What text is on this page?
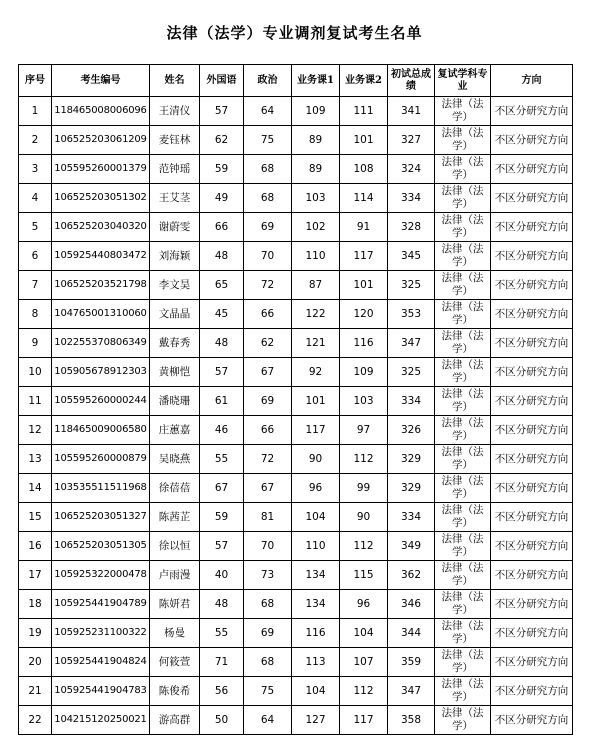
法律（法学）专业调剂复试考生名单
序号	考生编号	姓名	外国语	政治	业务课1	业务课2	初试总成绩	复试学科专业	方向
1	118465008006096	王清仪	57	64	109	111	341	法律（法学）	不区分研究方向
2	106525203061209	麦钰林	62	75	89	101	327	法律（法学）	不区分研究方向
3	105595260001379	范钟瑶	59	68	89	108	324	法律（法学）	不区分研究方向
4	106525203051302	王艾茎	49	68	103	114	334	法律（法学）	不区分研究方向
5	106525203040320	谢蔚雯	66	69	102	91	328	法律（法学）	不区分研究方向
6	105925440803472	刘海颖	48	70	110	117	345	法律（法学）	不区分研究方向
7	106525203521798	李文昊	65	72	87	101	325	法律（法学）	不区分研究方向
8	104765001310060	文晶晶	45	66	122	120	353	法律（法学）	不区分研究方向
9	102255370806349	戴春秀	48	62	121	116	347	法律（法学）	不区分研究方向
10	105905678912303	黄柳恺	57	67	92	109	325	法律（法学）	不区分研究方向
11	105595260000244	潘晓珊	61	69	101	103	334	法律（法学）	不区分研究方向
12	118465009006580	庄蕙嘉	46	66	117	97	326	法律（法学）	不区分研究方向
13	105595260000879	吴晓燕	55	72	90	112	329	法律（法学）	不区分研究方向
14	103535511511968	徐蓓蓓	67	67	96	99	329	法律（法学）	不区分研究方向
15	106525203051327	陈茜芷	59	81	104	90	334	法律（法学）	不区分研究方向
16	106525203051305	徐以恒	57	70	110	112	349	法律（法学）	不区分研究方向
17	105925322000478	卢雨漫	40	73	134	115	362	法律（法学）	不区分研究方向
18	105925441904789	陈妍君	48	68	134	96	346	法律（法学）	不区分研究方向
19	105925231100322	杨曼	55	69	116	104	344	法律（法学）	不区分研究方向
20	105925441904824	何筱萱	71	68	113	107	359	法律（法学）	不区分研究方向
21	105925441904783	陈俊希	56	75	104	112	347	法律（法学）	不区分研究方向
22	104215120250021	游高群	50	64	127	117	358	法律（法学）	不区分研究方向
